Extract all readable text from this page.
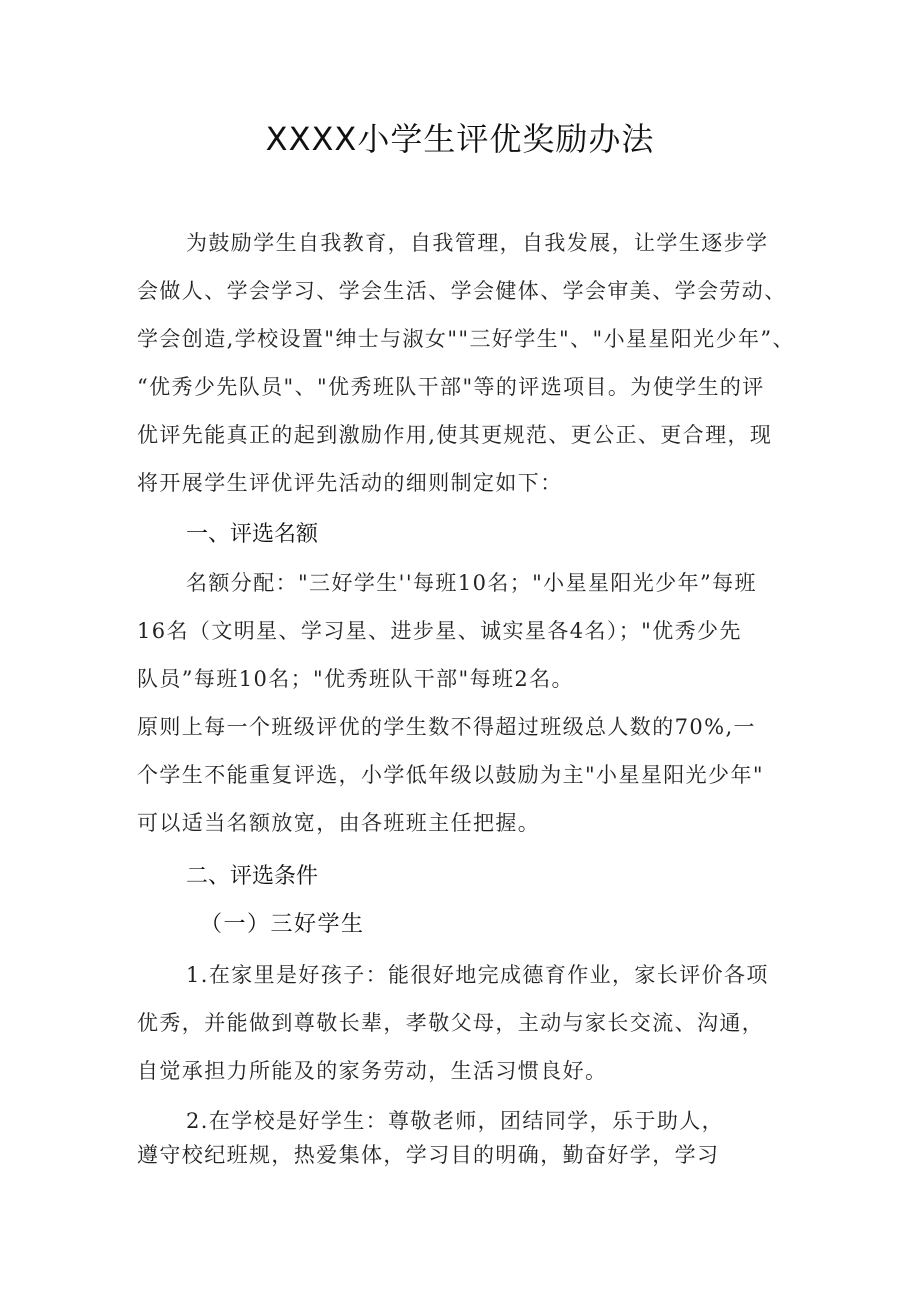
XXXX小学生评优奖励办法
为鼓励学生自我教育，自我管理，自我发展，让学生逐步学
会做人、学会学习、学会生活、学会健体、学会审美、学会劳动、
学会创造,学校设置"绅士与淑女""三好学生"、"小星星阳光少年”、
“优秀少先队员"、"优秀班队干部"等的评选项目。为使学生的评
优评先能真正的起到激励作用,使其更规范、更公正、更合理，现
将开展学生评优评先活动的细则制定如下：
一、评选名额
名额分配："三好学生''每班10名；"小星星阳光少年”每班
16名（文明星、学习星、进步星、诚实星各4名）；"优秀少先
队员”每班10名；"优秀班队干部"每班2名。
原则上每一个班级评优的学生数不得超过班级总人数的70%,一
个学生不能重复评选，小学低年级以鼓励为主"小星星阳光少年"
可以适当名额放宽，由各班班主任把握。
二、评选条件
（一）三好学生
1.在家里是好孩子：能很好地完成德育作业，家长评价各项
优秀，并能做到尊敬长辈，孝敬父母，主动与家长交流、沟通，
自觉承担力所能及的家务劳动，生活习惯良好。
2.在学校是好学生：尊敬老师，团结同学，乐于助人，
遵守校纪班规，热爱集体，学习目的明确，勤奋好学，学习
